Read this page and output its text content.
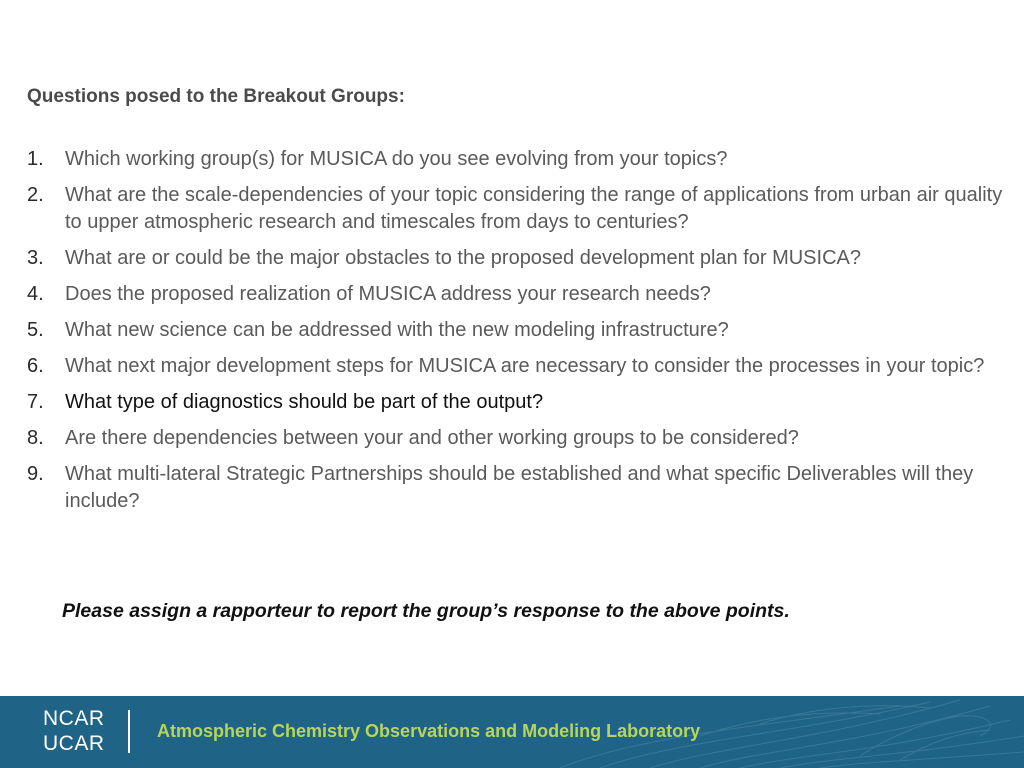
Questions posed to the Breakout Groups:
1.	Which working group(s) for MUSICA do you see evolving from your topics?
2.	What are the scale-dependencies of your topic considering the range of applications from urban air quality to upper atmospheric research and timescales from days to centuries?
3.	What are or could be the major obstacles to the proposed development plan for MUSICA?
4.	Does the proposed realization of MUSICA address your research needs?
5.	What new science can be addressed with the new modeling infrastructure?
6.	What next major development steps for MUSICA are necessary to consider the processes in your topic?
7.	What type of diagnostics should be part of the output?
8.	Are there dependencies between your and other working groups to be considered?
9.	What multi-lateral Strategic Partnerships should be established and what specific Deliverables will they include?
Please assign a rapporteur to report the group’s response to the above points.
NCAR
UCAR
Atmospheric Chemistry Observations and Modeling Laboratory
